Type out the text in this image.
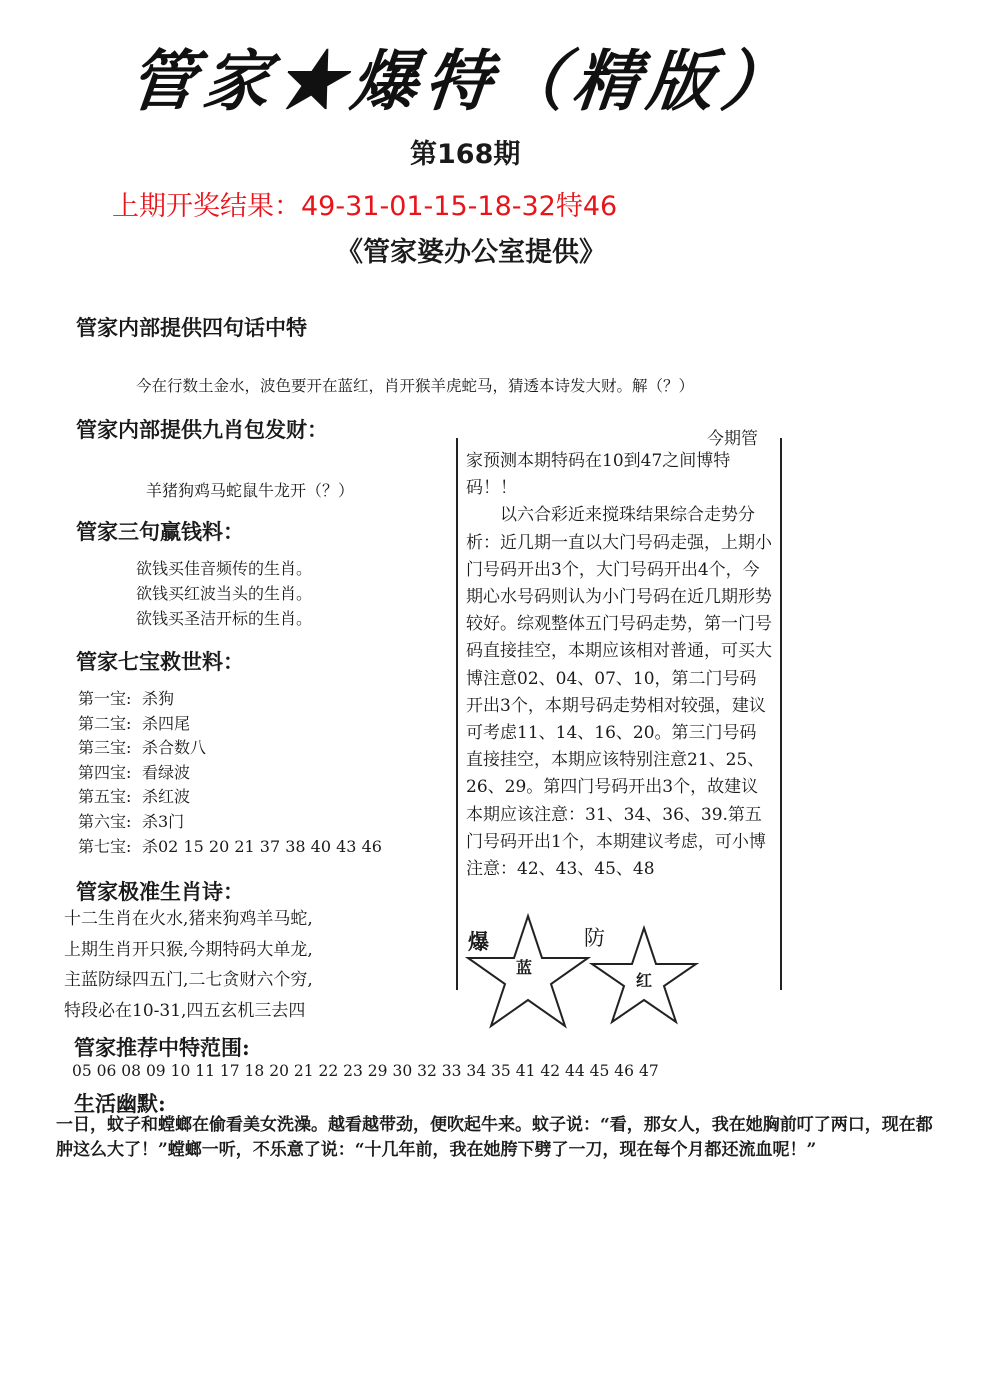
管家★爆特（精版）
第168期
上期开奖结果：49-31-01-15-18-32特46
《管家婆办公室提供》
管家内部提供四句话中特
今在行数土金水，波色要开在蓝红，肖开猴羊虎蛇马，猜透本诗发大财。解（？）
管家内部提供九肖包发财：
羊猪狗鸡马蛇鼠牛龙开（？）
管家三句赢钱料：
欲钱买佳音频传的生肖。
欲钱买红波当头的生肖。
欲钱买圣洁开标的生肖。
管家七宝救世料：
第一宝: 杀狗
第二宝: 杀四尾
第三宝: 杀合数八
第四宝: 看绿波
第五宝: 杀红波
第六宝: 杀3门
第七宝: 杀02 15 20 21 37 38 40 43 46
管家极准生肖诗：
十二生肖在火水,猪来狗鸡羊马蛇,
上期生肖开只猴,今期特码大单龙,
主蓝防绿四五门,二七贪财六个穷,
特段必在10-31,四五玄机三去四
今期管
家预测本期特码在10到47之间博特码！！

以六合彩近来搅珠结果综合走势分析：近几期一直以大门号码走强，上期小门号码开出3个，大门号码开出4个，今期心水号码则认为小门号码在近几期形势较好。综观整体五门号码走势，第一门号码直接挂空，本期应该相对普通，可买大博注意02、04、07、10，第二门号码开出3个，本期号码走势相对较强，建议可考虑11、14、16、20。第三门号码直接挂空，本期应该特别注意21、25、26、29。第四门号码开出3个，故建议本期应该注意：31、34、36、39.第五门号码开出1个，本期建议考虑，可小博注意：42、43、45、48

爆
蓝
防
红
管家推荐中特范围:
05 06 08 09 10 11 17 18 20 21 22 23 29 30 32 33 34 35 41 42 44 45 46 47
生活幽默:
一日，蚊子和螳螂在偷看美女洗澡。越看越带劲，便吹起牛来。蚊子说：“看，那女人，我在她胸前叮了两口，现在都肿这么大了！”螳螂一听，不乐意了说：“十几年前，我在她胯下劈了一刀，现在每个月都还流血呢！”
